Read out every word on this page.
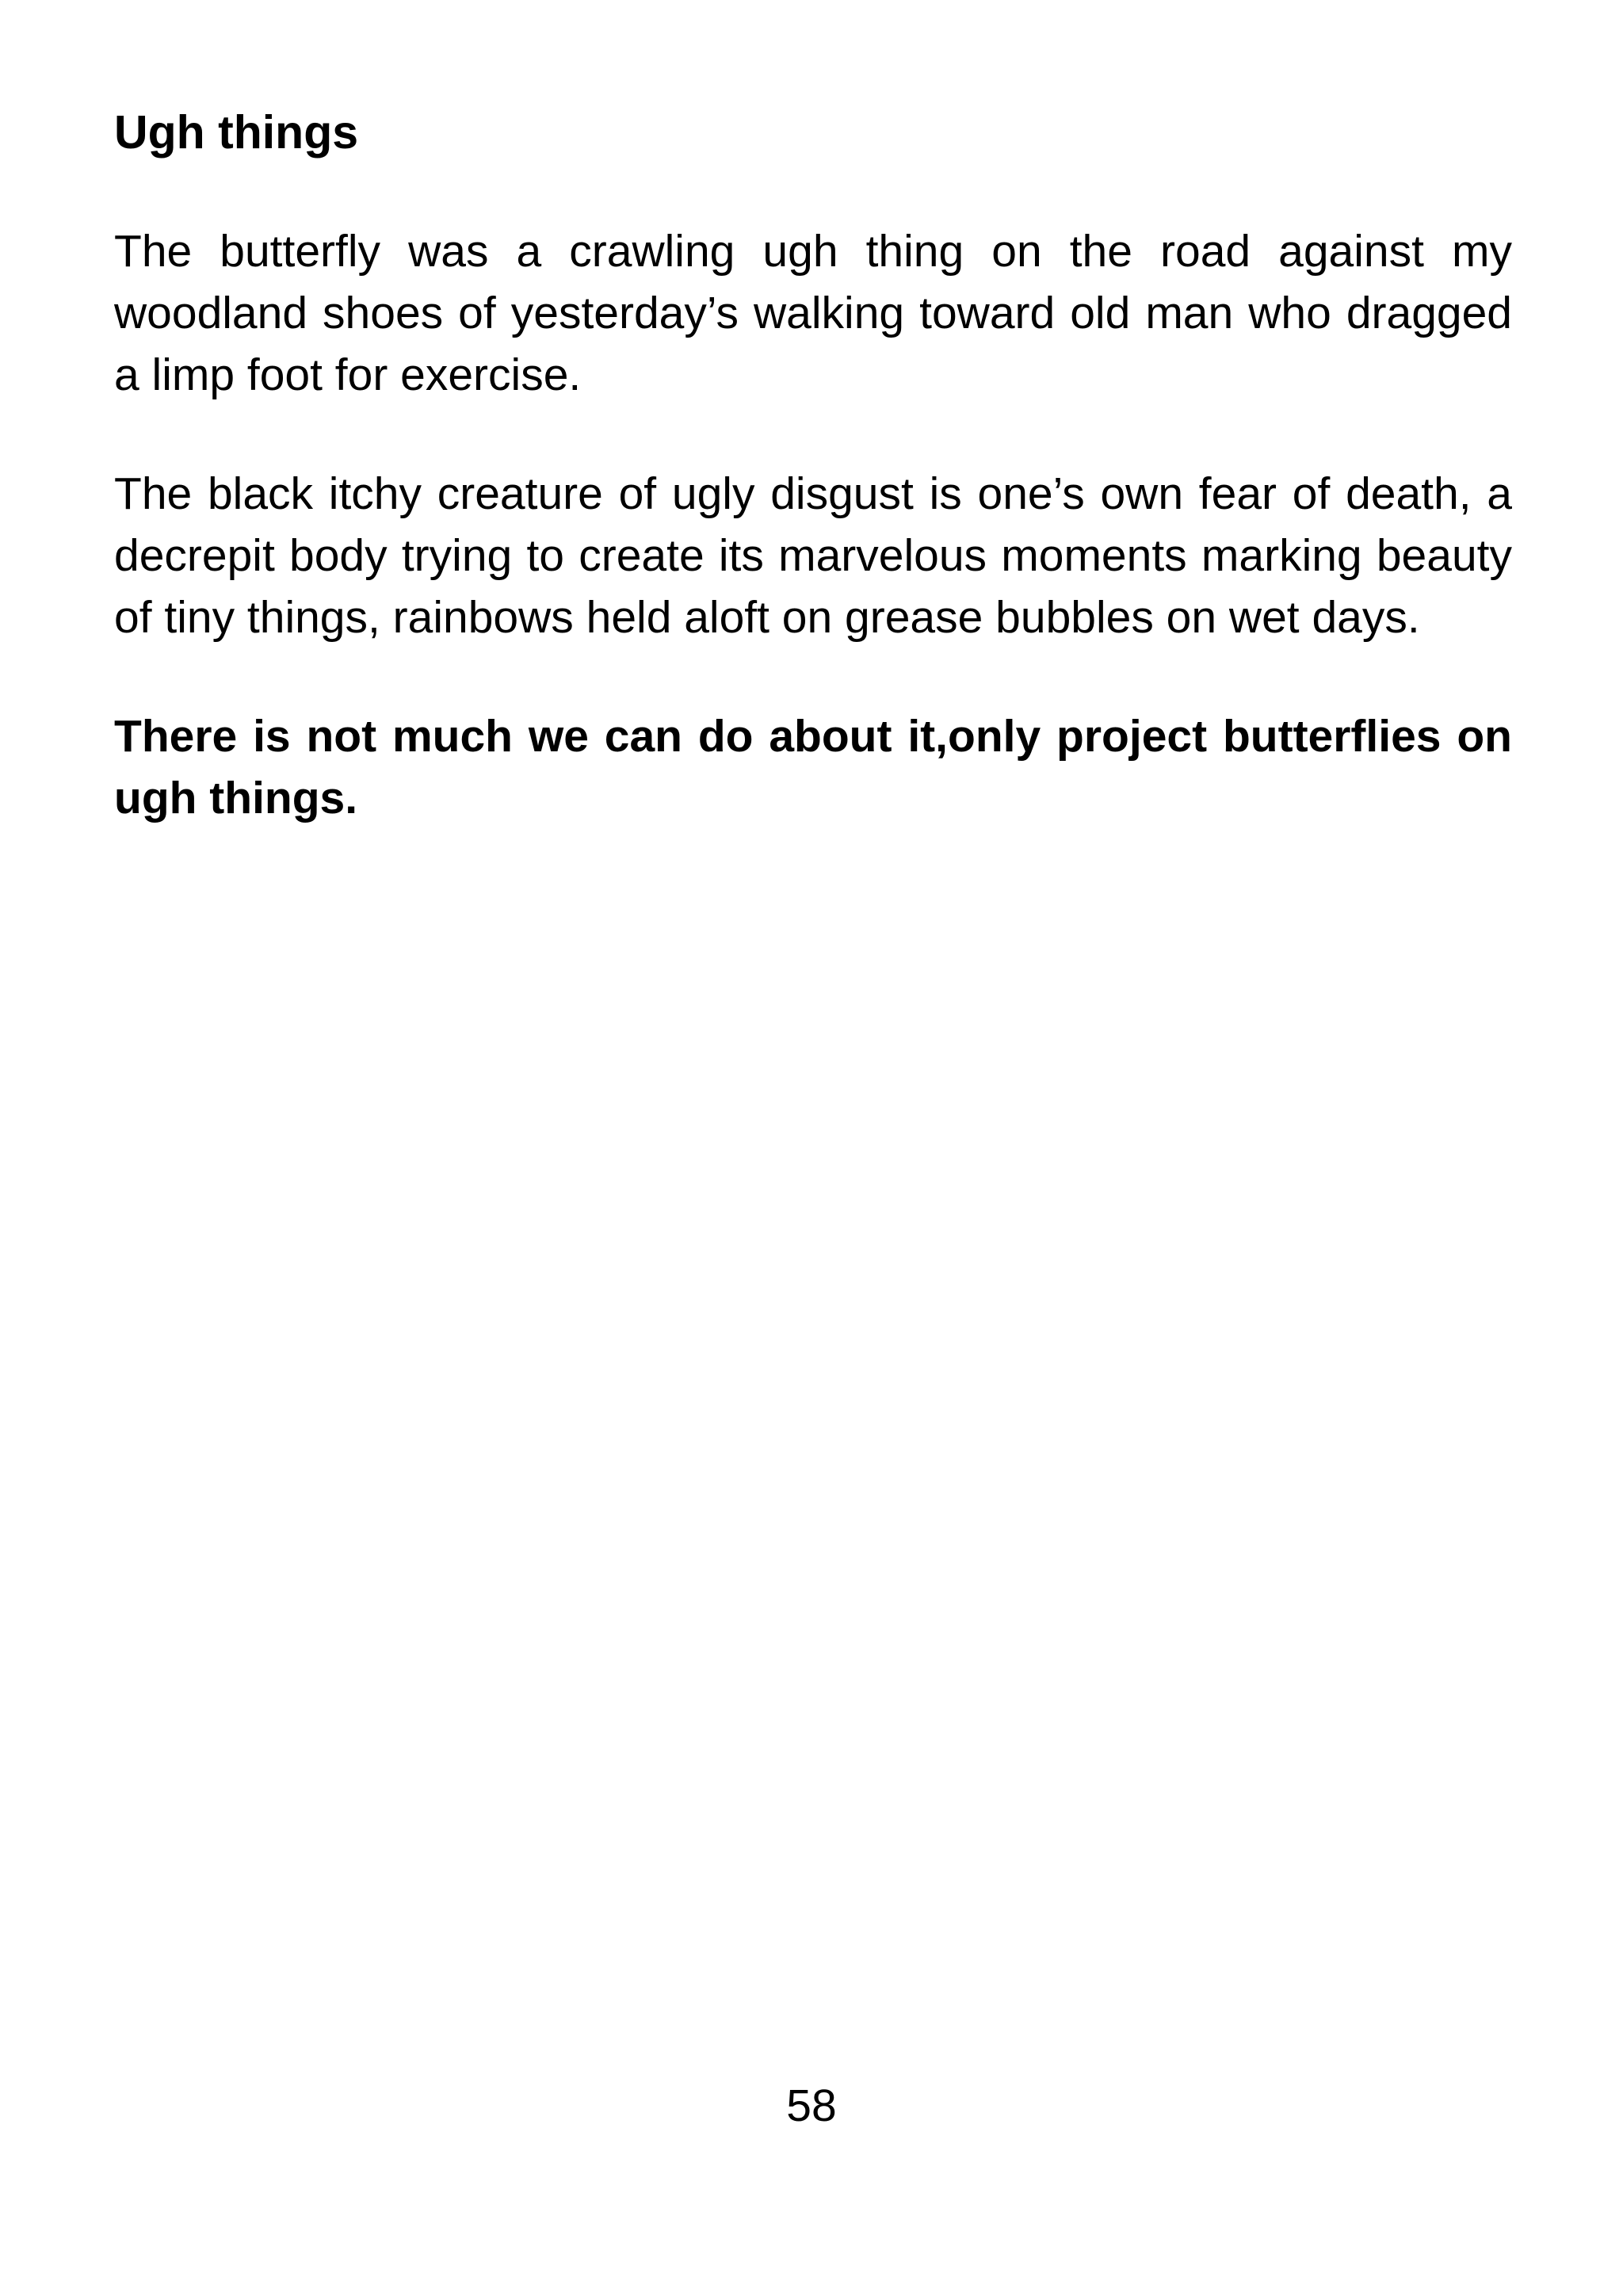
Ugh things

The butterfly was a crawling ugh thing on the road against my woodland shoes of yesterday’s walking toward old man who dragged a limp foot for exercise.

The black itchy creature of ugly disgust is one’s own fear of death, a decrepit body trying to create its marvelous moments marking beauty of tiny things, rainbows held aloft on grease bubbles on wet days.

There is not much we can do about it,only project butterflies on ugh things.

58
